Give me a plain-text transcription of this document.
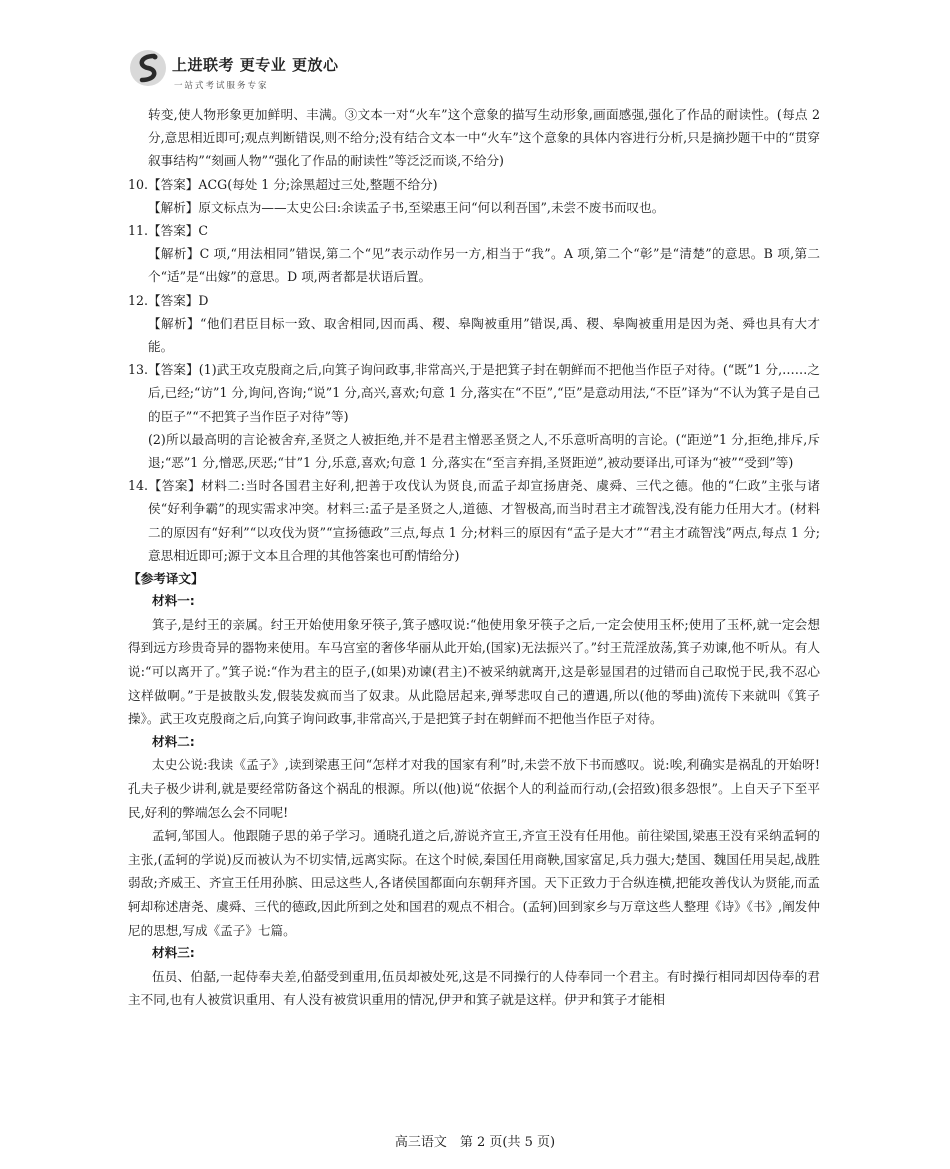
上进联考 更专业 更放心
一站式考试服务专家

转变,使人物形象更加鲜明、丰满。③文本一对“火车”这个意象的描写生动形象,画面感强,强化了作品的耐读性。(每点 2 分,意思相近即可;观点判断错误,则不给分;没有结合文本一中“火车”这个意象的具体内容进行分析,只是摘抄题干中的“贯穿叙事结构”“刻画人物”“强化了作品的耐读性”等泛泛而谈,不给分)

10.【答案】ACG(每处 1 分;涂黑超过三处,整题不给分)

【解析】原文标点为——太史公曰:余读孟子书,至梁惠王问“何以利吾国”,未尝不废书而叹也。

11.【答案】C

【解析】C 项,“用法相同”错误,第二个“见”表示动作另一方,相当于“我”。A 项,第二个“彰”是“清楚”的意思。B 项,第二个“适”是“出嫁”的意思。D 项,两者都是状语后置。

12.【答案】D

【解析】“他们君臣目标一致、取舍相同,因而禹、稷、皋陶被重用”错误,禹、稷、皋陶被重用是因为尧、舜也具有大才能。

13.【答案】(1)武王攻克殷商之后,向箕子询问政事,非常高兴,于是把箕子封在朝鲜而不把他当作臣子对待。(“既”1 分,……之后,已经;“访”1 分,询问,咨询;“说”1 分,高兴,喜欢;句意 1 分,落实在“不臣”,“臣”是意动用法,“不臣”译为“不认为箕子是自己的臣子”“不把箕子当作臣子对待”等)

(2)所以最高明的言论被舍弃,圣贤之人被拒绝,并不是君主憎恶圣贤之人,不乐意听高明的言论。(“距逆”1 分,拒绝,排斥,斥退;“恶”1 分,憎恶,厌恶;“甘”1 分,乐意,喜欢;句意 1 分,落实在“至言弃捐,圣贤距逆”,被动要译出,可译为“被”“受到”等)

14.【答案】材料二:当时各国君主好利,把善于攻伐认为贤良,而孟子却宣扬唐尧、虞舜、三代之德。他的“仁政”主张与诸侯“好利争霸”的现实需求冲突。材料三:孟子是圣贤之人,道德、才智极高,而当时君主才疏智浅,没有能力任用大才。(材料二的原因有“好利”“以攻伐为贤”“宣扬德政”三点,每点 1 分;材料三的原因有“孟子是大才”“君主才疏智浅”两点,每点 1 分;意思相近即可;源于文本且合理的其他答案也可酌情给分)

【参考译文】
材料一:

箕子,是纣王的亲属。纣王开始使用象牙筷子,箕子感叹说:“他使用象牙筷子之后,一定会使用玉杯;使用了玉杯,就一定会想得到远方珍贵奇异的器物来使用。车马宫室的奢侈华丽从此开始,(国家)无法振兴了。”纣王荒淫放荡,箕子劝谏,他不听从。有人说:“可以离开了。”箕子说:“作为君主的臣子,(如果)劝谏(君主)不被采纳就离开,这是彰显国君的过错而自己取悦于民,我不忍心这样做啊。”于是披散头发,假装发疯而当了奴隶。从此隐居起来,弹琴悲叹自己的遭遇,所以(他的琴曲)流传下来就叫《箕子操》。武王攻克殷商之后,向箕子询问政事,非常高兴,于是把箕子封在朝鲜而不把他当作臣子对待。

材料二:

太史公说:我读《孟子》,读到梁惠王问“怎样才对我的国家有利”时,未尝不放下书而感叹。说:唉,利确实是祸乱的开始呀!孔夫子极少讲利,就是要经常防备这个祸乱的根源。所以(他)说“依据个人的利益而行动,(会招致)很多怨恨”。上自天子下至平民,好利的弊端怎么会不同呢!

孟轲,邹国人。他跟随子思的弟子学习。通晓孔道之后,游说齐宣王,齐宣王没有任用他。前往梁国,梁惠王没有采纳孟轲的主张,(孟轲的学说)反而被认为不切实情,远离实际。在这个时候,秦国任用商鞅,国家富足,兵力强大;楚国、魏国任用吴起,战胜弱敌;齐威王、齐宣王任用孙膑、田忌这些人,各诸侯国都面向东朝拜齐国。天下正致力于合纵连横,把能攻善伐认为贤能,而孟轲却称述唐尧、虞舜、三代的德政,因此所到之处和国君的观点不相合。(孟轲)回到家乡与万章这些人整理《诗》《书》,阐发仲尼的思想,写成《孟子》七篇。

材料三:

伍员、伯嚭,一起侍奉夫差,伯嚭受到重用,伍员却被处死,这是不同操行的人侍奉同一个君主。有时操行相同却因侍奉的君主不同,也有人被赏识重用、有人没有被赏识重用的情况,伊尹和箕子就是这样。伊尹和箕子才能相

高三语文　第 2 页(共 5 页)
